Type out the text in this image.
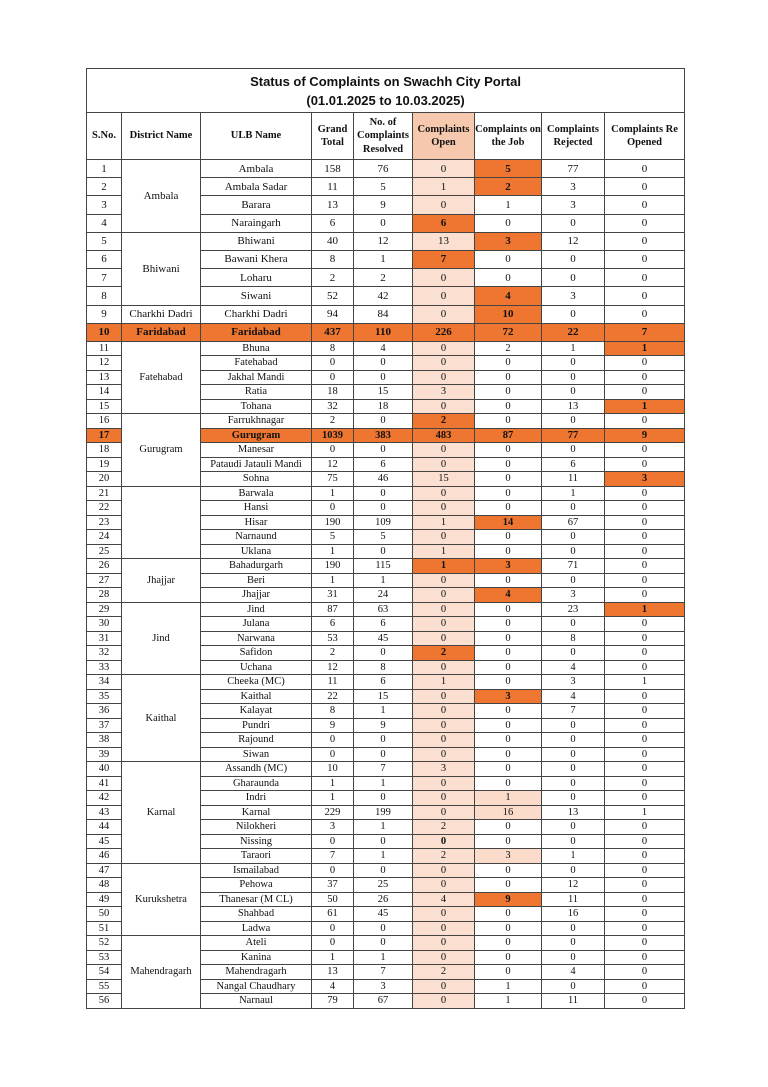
Status of Complaints on Swachh City Portal
(01.01.2025 to 10.03.2025)								

S.No.	District Name	ULB Name	Grand Total	No. of Complaints Resolved	Complaints Open	Complaints on the Job	Complaints Rejected	Complaints Re Opened
1	Ambala	Ambala	158	76	0	5	77	0
2		Ambala Sadar	11	5	1	2	3	0
3		Barara	13	9	0	1	3	0
4		Naraingarh	6	0	6	0	0	0
5	Bhiwani	Bhiwani	40	12	13	3	12	0
6		Bawani Khera	8	1	7	0	0	0
7		Loharu	2	2	0	0	0	0
8		Siwani	52	42	0	4	3	0
9	Charkhi Dadri	Charkhi Dadri	94	84	0	10	0	0
10	Faridabad	Faridabad	437	110	226	72	22	7
11	Fatehabad	Bhuna	8	4	0	2	1	1
12		Fatehabad	0	0	0	0	0	0
13		Jakhal Mandi	0	0	0	0	0	0
14		Ratia	18	15	3	0	0	0
15		Tohana	32	18	0	0	13	1
16	Gurugram	Farrukhnagar	2	0	2	0	0	0
17		Gurugram	1039	383	483	87	77	9
18		Manesar	0	0	0	0	0	0
19		Pataudi Jatauli Mandi	12	6	0	0	6	0
20		Sohna	75	46	15	0	11	3
21		Barwala	1	0	0	0	1	0
22		Hansi	0	0	0	0	0	0
23		Hisar	190	109	1	14	67	0
24		Narnaund	5	5	0	0	0	0
25		Uklana	1	0	1	0	0	0
26	Jhajjar	Bahadurgarh	190	115	1	3	71	0
27		Beri	1	1	0	0	0	0
28		Jhajjar	31	24	0	4	3	0
29	Jind	Jind	87	63	0	0	23	1
30		Julana	6	6	0	0	0	0
31		Narwana	53	45	0	0	8	0
32		Safidon	2	0	2	0	0	0
33		Uchana	12	8	0	0	4	0
34	Kaithal	Cheeka (MC)	11	6	1	0	3	1
35		Kaithal	22	15	0	3	4	0
36		Kalayat	8	1	0	0	7	0
37		Pundri	9	9	0	0	0	0
38		Rajound	0	0	0	0	0	0
39		Siwan	0	0	0	0	0	0
40	Karnal	Assandh (MC)	10	7	3	0	0	0
41		Gharaunda	1	1	0	0	0	0
42		Indri	1	0	0	1	0	0
43		Karnal	229	199	0	16	13	1
44		Nilokheri	3	1	2	0	0	0
45		Nissing	0	0	0	0	0	0
46		Taraori	7	1	2	3	1	0
47	Kurukshetra	Ismailabad	0	0	0	0	0	0
48		Pehowa	37	25	0	0	12	0
49		Thanesar (M CL)	50	26	4	9	11	0
50		Shahbad	61	45	0	0	16	0
51		Ladwa	0	0	0	0	0	0
52	Mahendragarh	Ateli	0	0	0	0	0	0
53		Kanina	1	1	0	0	0	0
54		Mahendragarh	13	7	2	0	4	0
55		Nangal Chaudhary	4	3	0	1	0	0
56		Narnaul	79	67	0	1	11	0
